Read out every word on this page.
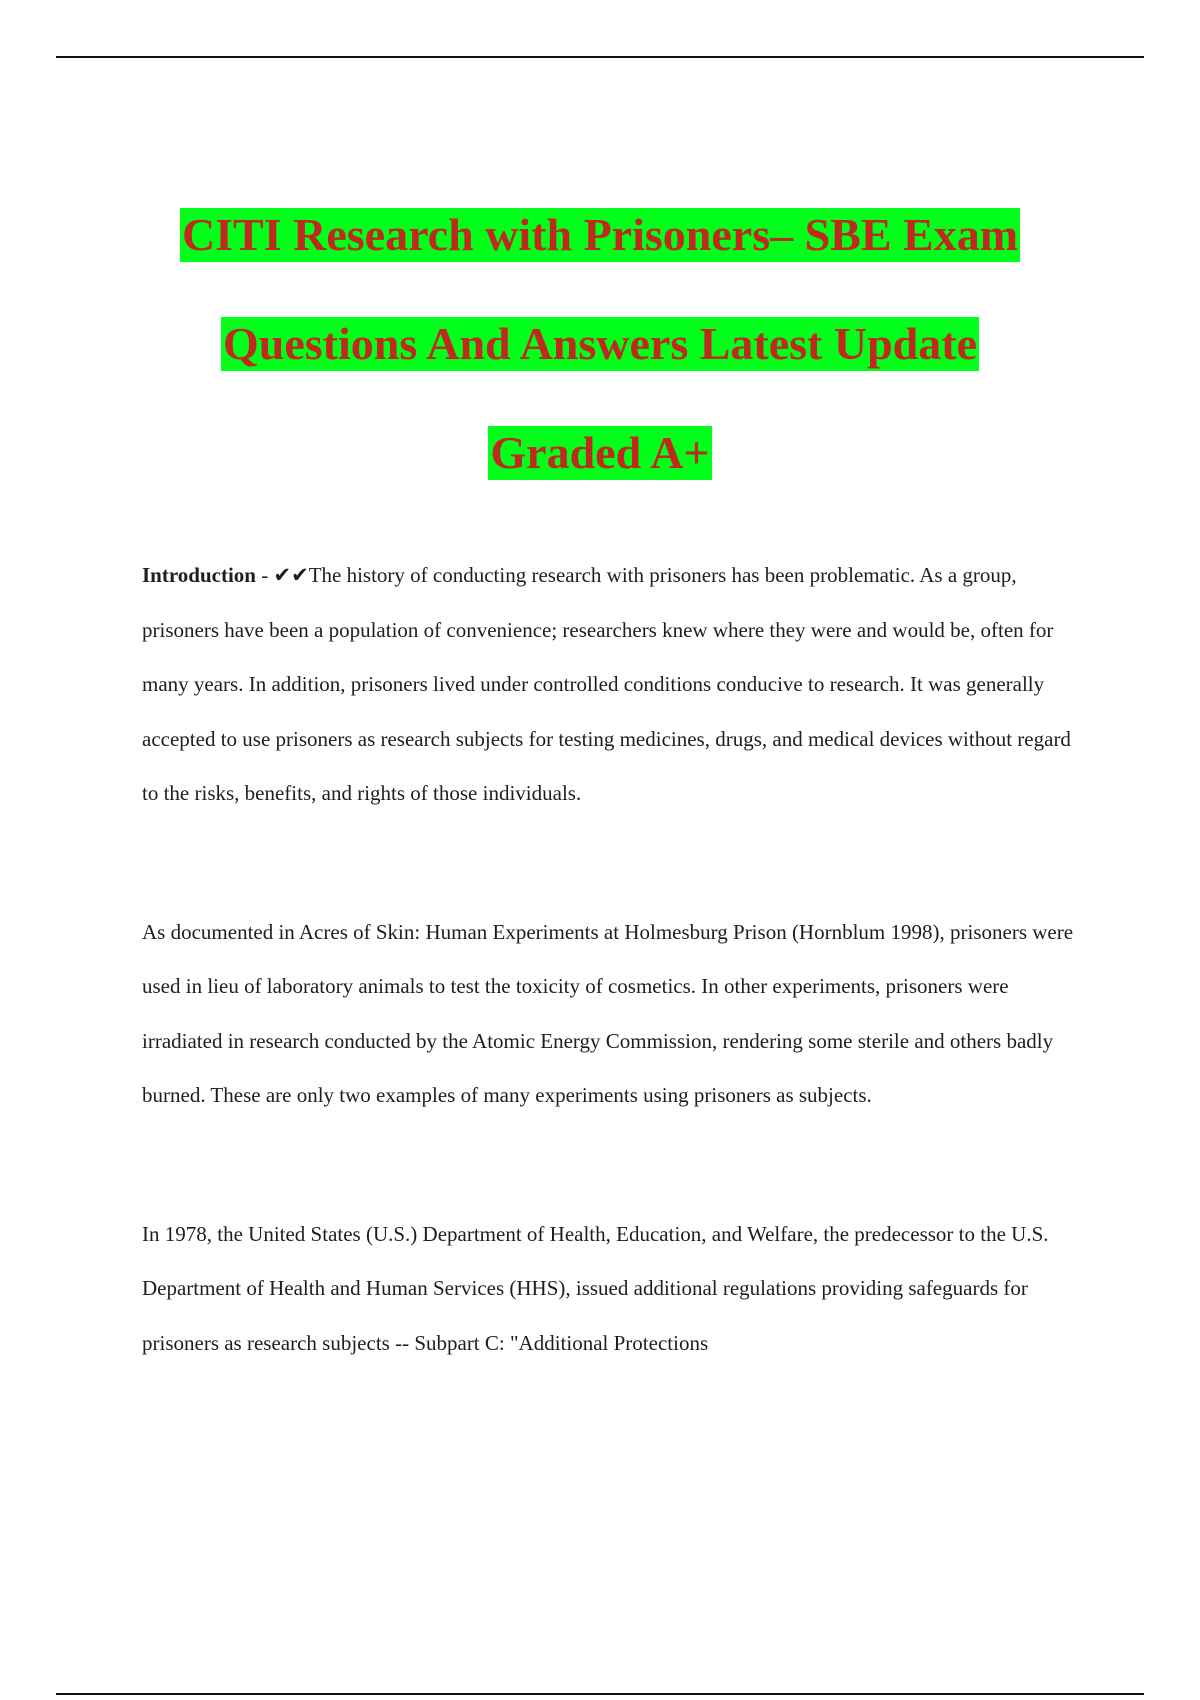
CITI Research with Prisoners– SBE Exam
Questions And Answers Latest Update
Graded A+

Introduction - ✔✔The history of conducting research with prisoners has been problematic. As a group, prisoners have been a population of convenience; researchers knew where they were and would be, often for many years. In addition, prisoners lived under controlled conditions conducive to research. It was generally accepted to use prisoners as research subjects for testing medicines, drugs, and medical devices without regard to the risks, benefits, and rights of those individuals.

As documented in Acres of Skin: Human Experiments at Holmesburg Prison (Hornblum 1998), prisoners were used in lieu of laboratory animals to test the toxicity of cosmetics. In other experiments, prisoners were irradiated in research conducted by the Atomic Energy Commission, rendering some sterile and others badly burned. These are only two examples of many experiments using prisoners as subjects.

In 1978, the United States (U.S.) Department of Health, Education, and Welfare, the predecessor to the U.S. Department of Health and Human Services (HHS), issued additional regulations providing safeguards for prisoners as research subjects -- Subpart C: "Additional Protections
